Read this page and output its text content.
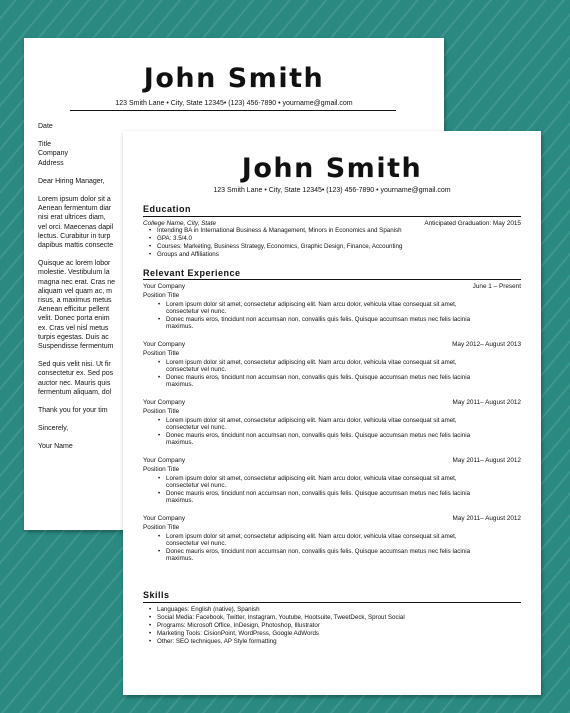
John Smith
123 Smith Lane • City, State 12345• (123) 456-7890 • yourname@gmail.com
Date
Title
Company
Address
Dear Hiring Manager,
Lorem ipsum dolor sit a
Aenean fermentum diar
nisi erat ultrices diam,
vel orci. Maecenas dapil
lectus. Curabitur in turp
dapibus mattis consecte
Quisque ac lorem lobor
molestie. Vestibulum la
magna nec erat. Cras ne
aliquam vel quam ac, m
risus, a maximus metus
Aenean efficitur pellent
velit. Donec porta enim
ex. Cras vel nisl metus
turpis egestas. Duis ac
Suspendisse fermentum
Sed quis velit nisi. Ut fir
consectetur ex. Sed pos
auctor nec. Mauris quis
fermentum aliquam, dol
Thank you for your tim
Sincerely,
Your Name
John Smith
123 Smith Lane • City, State 12345• (123) 456-7890 • yourname@gmail.com
Education
College Name, City, State	Anticipated Graduation: May 2015
• Intending BA in International Business & Management, Minors in Economics and Spanish
• GPA: 3.5/4.0
• Courses: Marketing, Business Strategy, Economics, Graphic Design, Finance, Accounting
• Groups and Affiliations
Relevant Experience
Your Company	June 1 – Present
Position Title
• Lorem ipsum dolor sit amet, consectetur adipiscing elit. Nam arcu dolor, vehicula vitae consequat sit amet,
consectetur vel nunc.
• Donec mauris eros, tincidunt non accumsan non, convallis quis felis. Quisque accumsan metus nec felis lacinia
maximus.
Your Company	May 2012– August 2013
Position Title
• Lorem ipsum dolor sit amet, consectetur adipiscing elit. Nam arcu dolor, vehicula vitae consequat sit amet,
consectetur vel nunc.
• Donec mauris eros, tincidunt non accumsan non, convallis quis felis. Quisque accumsan metus nec felis lacinia
maximus.
Your Company	May 2011– August 2012
Position Title
• Lorem ipsum dolor sit amet, consectetur adipiscing elit. Nam arcu dolor, vehicula vitae consequat sit amet,
consectetur vel nunc.
• Donec mauris eros, tincidunt non accumsan non, convallis quis felis. Quisque accumsan metus nec felis lacinia
maximus.
Your Company	May 2011– August 2012
Position Title
• Lorem ipsum dolor sit amet, consectetur adipiscing elit. Nam arcu dolor, vehicula vitae consequat sit amet,
consectetur vel nunc.
• Donec mauris eros, tincidunt non accumsan non, convallis quis felis. Quisque accumsan metus nec felis lacinia
maximus.
Your Company	May 2011– August 2012
Position Title
• Lorem ipsum dolor sit amet, consectetur adipiscing elit. Nam arcu dolor, vehicula vitae consequat sit amet,
consectetur vel nunc.
• Donec mauris eros, tincidunt non accumsan non, convallis quis felis. Quisque accumsan metus nec felis lacinia
maximus.
Skills
• Languages: English (native), Spanish
• Social Media: Facebook, Twitter, Instagram, Youtube, Hootsuite, TweetDeck, Sprout Social
• Programs: Microsoft Office, InDesign, Photoshop, Illustrator
• Marketing Tools: CisionPoint, WordPress, Google AdWords
• Other: SEO techniques, AP Style formatting
